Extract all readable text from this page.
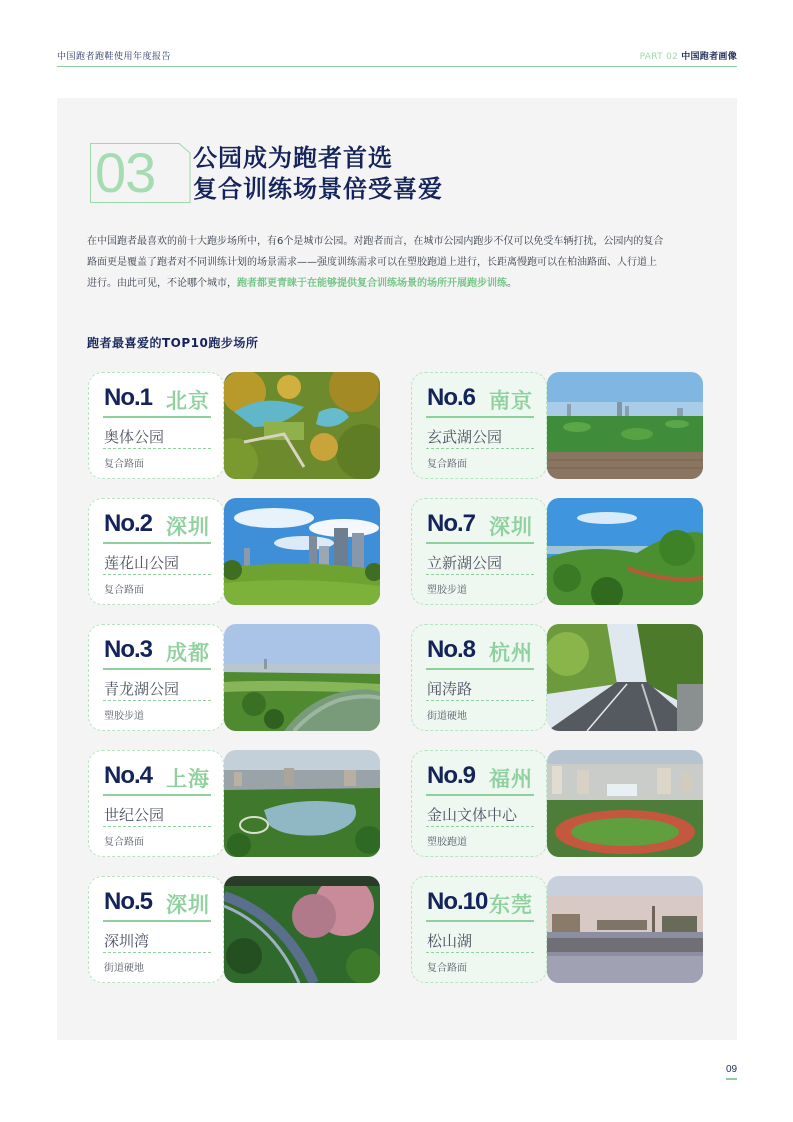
中国跑者跑鞋使用年度报告	PART 02 中国跑者画像
03 公园成为跑者首选
复合训练场景倍受喜爱
在中国跑者最喜欢的前十大跑步场所中，有6个是城市公园。对跑者而言，在城市公园内跑步不仅可以免受车辆打扰，公园内的复合
路面更是覆盖了跑者对不同训练计划的场景需求——强度训练需求可以在塑胶跑道上进行，长距离慢跑可以在柏油路面、人行道上
进行。由此可见，不论哪个城市，跑者都更青睐于在能够提供复合训练场景的场所开展跑步训练。
跑者最喜爱的TOP10跑步场所
No.1 北京
奥体公园
复合路面
No.2 深圳
莲花山公园
复合路面
No.3 成都
青龙湖公园
塑胶步道
No.4 上海
世纪公园
复合路面
No.5 深圳
深圳湾
街道硬地
No.6 南京
玄武湖公园
复合路面
No.7 深圳
立新湖公园
塑胶步道
No.8 杭州
闻涛路
街道硬地
No.9 福州
金山文体中心
塑胶跑道
No.10 东莞
松山湖
复合路面
09
